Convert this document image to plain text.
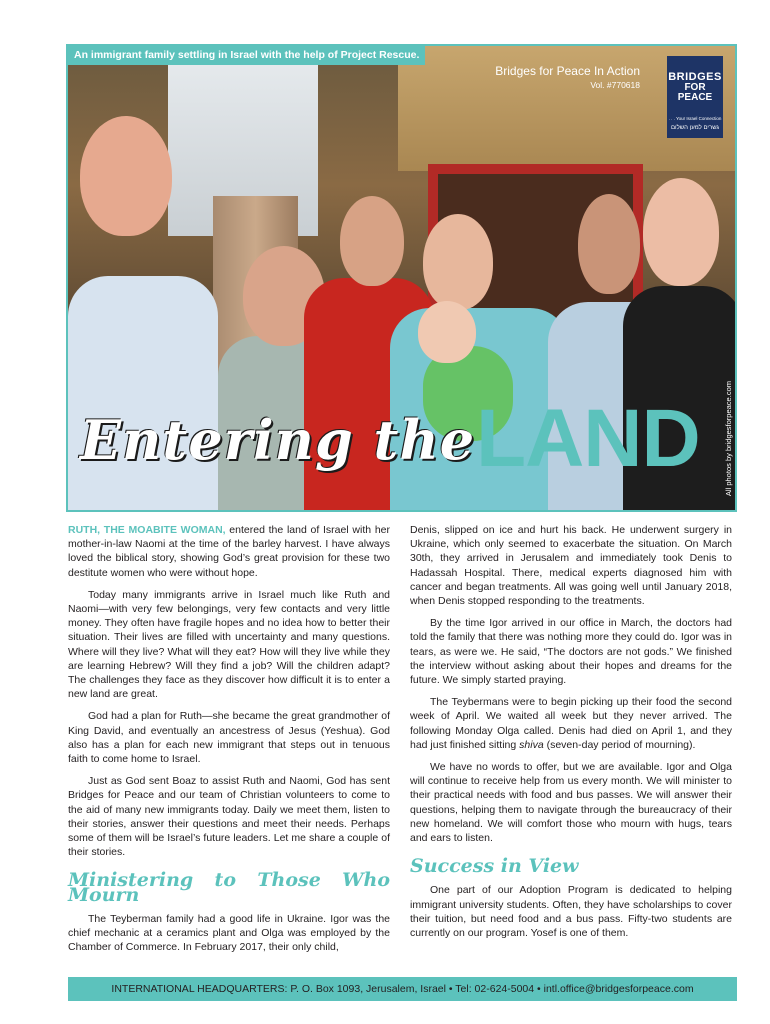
An immigrant family settling in Israel with the help of Project Rescue.
Bridges for Peace In Action
Vol. #770618
BRIDGES
FOR PEACE
. . . Your Israel Connection
גשרים למען השלום
Entering the LAND	All photos by bridgesforpeace.com

RUTH, THE MOABITE WOMAN, entered the land of Israel with her mother-in-law Naomi at the time of the barley harvest. I have always loved the biblical story, showing God’s great provision for these two destitute women who were without hope.

Today many immigrants arrive in Israel much like Ruth and Naomi—with very few belongings, very few contacts and very little money. They often have fragile hopes and no idea how to better their situation. Their lives are filled with uncertainty and many questions. Where will they live? What will they eat? How will they live while they are learning Hebrew? Will they find a job? Will the children adapt? The challenges they face as they discover how difficult it is to enter a new land are great.

God had a plan for Ruth—she became the great grandmother of King David, and eventually an ancestress of Jesus (Yeshua). God also has a plan for each new immigrant that steps out in tenuous faith to come home to Israel.

Just as God sent Boaz to assist Ruth and Naomi, God has sent Bridges for Peace and our team of Christian volunteers to come to the aid of many new immigrants today. Daily we meet them, listen to their stories, answer their questions and meet their needs. Perhaps some of them will be Israel’s future leaders. Let me share a couple of their stories.

Ministering to Those Who Mourn

The Teyberman family had a good life in Ukraine. Igor was the chief mechanic at a ceramics plant and Olga was employed by the Chamber of Commerce. In February 2017, their only child,

Denis, slipped on ice and hurt his back. He underwent surgery in Ukraine, which only seemed to exacerbate the situation. On March 30th, they arrived in Jerusalem and immediately took Denis to Hadassah Hospital. There, medical experts diagnosed him with cancer and began treatments. All was going well until January 2018, when Denis stopped responding to the treatments.

By the time Igor arrived in our office in March, the doctors had told the family that there was nothing more they could do. Igor was in tears, as were we. He said, “The doctors are not gods.” We finished the interview without asking about their hopes and dreams for the future. We simply started praying.

The Teybermans were to begin picking up their food the second week of April. We waited all week but they never arrived. The following Monday Olga called. Denis had died on April 1, and they had just finished sitting shiva (seven-day period of mourning).

We have no words to offer, but we are available. Igor and Olga will continue to receive help from us every month. We will minister to their practical needs with food and bus passes. We will answer their questions, helping them to navigate through the bureaucracy of their new homeland. We will comfort those who mourn with hugs, tears and ears to listen.

Success in View

One part of our Adoption Program is dedicated to helping immigrant university students. Often, they have scholarships to cover their tuition, but need food and a bus pass. Fifty-two students are currently on our program. Yosef is one of them.

INTERNATIONAL HEADQUARTERS: P. O. Box 1093, Jerusalem, Israel • Tel: 02-624-5004 • intl.office@bridgesforpeace.com
